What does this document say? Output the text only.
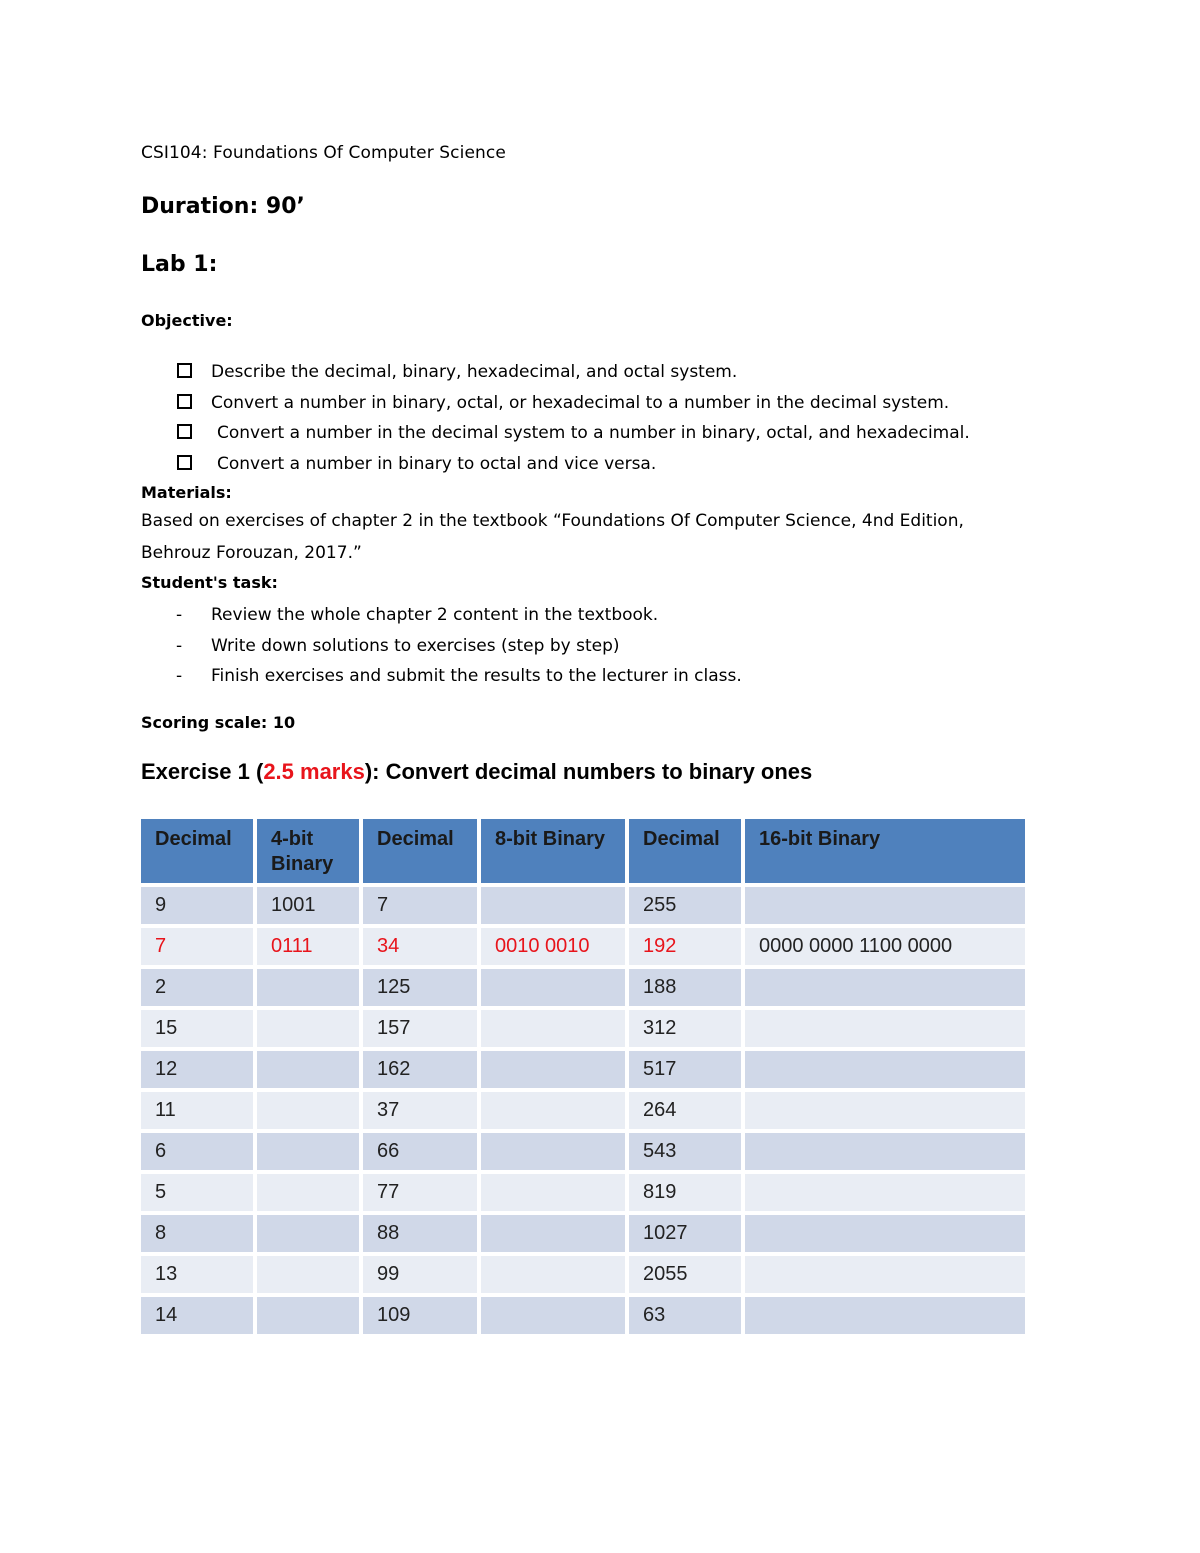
CSI104: Foundations Of Computer Science
Duration: 90’
Lab 1:
Objective:
Describe the decimal, binary, hexadecimal, and octal system.
Convert a number in binary, octal, or hexadecimal to a number in the decimal system.
Convert a number in the decimal system to a number in binary, octal, and hexadecimal.
Convert a number in binary to octal and vice versa.
Materials:
Based on exercises of chapter 2 in the textbook “Foundations Of Computer Science, 4nd Edition,
Behrouz Forouzan, 2017.”
Student's task:
- Review the whole chapter 2 content in the textbook.
- Write down solutions to exercises (step by step)
- Finish exercises and submit the results to the lecturer in class.
Scoring scale: 10
Exercise 1 (2.5 marks): Convert decimal numbers to binary ones
Decimal	4-bit Binary	Decimal	8-bit Binary	Decimal	16-bit Binary
9	1001	7		255	
7	0111	34	0010 0010	192	0000 0000 1100 0000
2		125		188	
15		157		312	
12		162		517	
11		37		264	
6		66		543	
5		77		819	
8		88		1027	
13		99		2055	
14		109		63	
